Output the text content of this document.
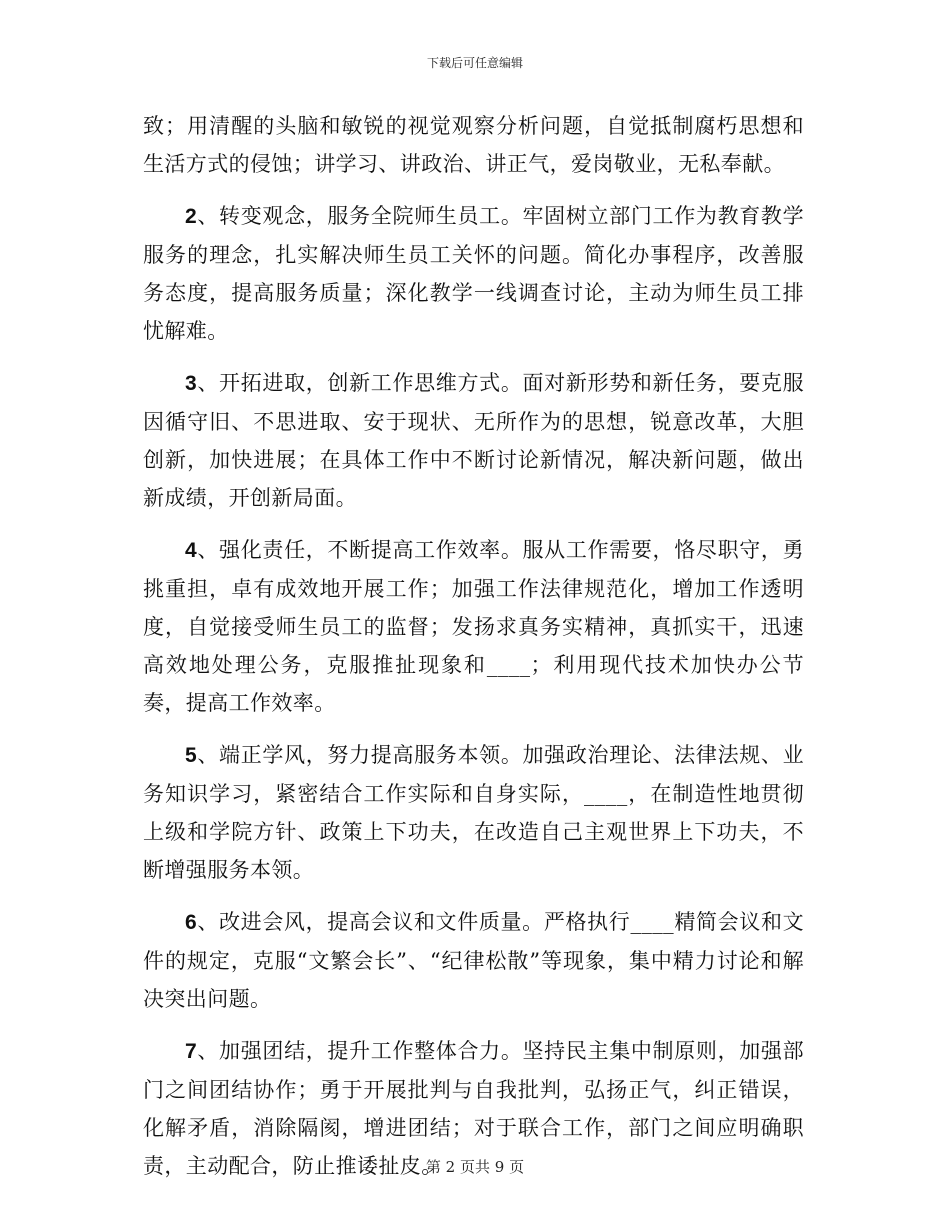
下载后可任意编辑

致；用清醒的头脑和敏锐的视觉观察分析问题，自觉抵制腐朽思想和生活方式的侵蚀；讲学习、讲政治、讲正气，爱岗敬业，无私奉献。

2、转变观念，服务全院师生员工。牢固树立部门工作为教育教学服务的理念，扎实解决师生员工关怀的问题。简化办事程序，改善服务态度，提高服务质量；深化教学一线调查讨论，主动为师生员工排忧解难。

3、开拓进取，创新工作思维方式。面对新形势和新任务，要克服因循守旧、不思进取、安于现状、无所作为的思想，锐意改革，大胆创新，加快进展；在具体工作中不断讨论新情况，解决新问题，做出新成绩，开创新局面。

4、强化责任，不断提高工作效率。服从工作需要，恪尽职守，勇挑重担，卓有成效地开展工作；加强工作法律规范化，增加工作透明度，自觉接受师生员工的监督；发扬求真务实精神，真抓实干，迅速高效地处理公务，克服推扯现象和____；利用现代技术加快办公节奏，提高工作效率。

5、端正学风，努力提高服务本领。加强政治理论、法律法规、业务知识学习，紧密结合工作实际和自身实际，____，在制造性地贯彻上级和学院方针、政策上下功夫，在改造自己主观世界上下功夫，不断增强服务本领。

6、改进会风，提高会议和文件质量。严格执行____精简会议和文件的规定，克服“文繁会长”、“纪律松散”等现象，集中精力讨论和解决突出问题。

7、加强团结，提升工作整体合力。坚持民主集中制原则，加强部门之间团结协作；勇于开展批判与自我批判，弘扬正气，纠正错误，化解矛盾，消除隔阂，增进团结；对于联合工作，部门之间应明确职责，主动配合，防止推诿扯皮。

第 2 页共 9 页
